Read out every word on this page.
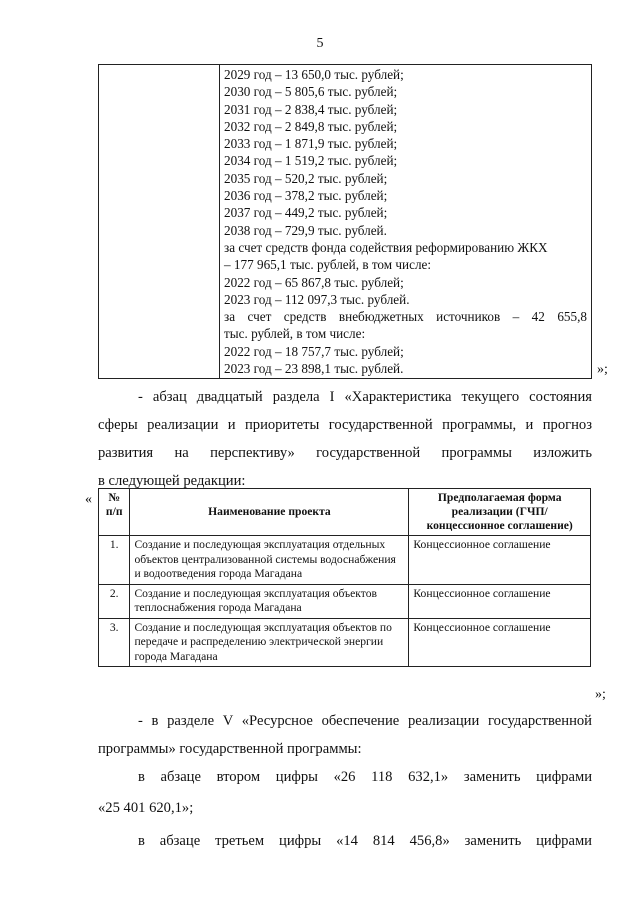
5

2029 год – 13 650,0 тыс. рублей;
2030 год – 5 805,6 тыс. рублей;
2031 год – 2 838,4 тыс. рублей;
2032 год – 2 849,8 тыс. рублей;
2033 год – 1 871,9 тыс. рублей;
2034 год – 1 519,2 тыс. рублей;
2035 год – 520,2 тыс. рублей;
2036 год – 378,2 тыс. рублей;
2037 год – 449,2 тыс. рублей;
2038 год – 729,9 тыс. рублей.
за счет средств фонда содействия реформированию ЖКХ
– 177 965,1 тыс. рублей, в том числе:
2022 год – 65 867,8 тыс. рублей;
2023 год – 112 097,3 тыс. рублей.
за счет средств внебюджетных источников – 42 655,8
тыс. рублей, в том числе:
2022 год – 18 757,7 тыс. рублей;
2023 год – 23 898,1 тыс. рублей.	»;
- абзац двадцатый раздела I «Характеристика текущего состояния
сферы реализации и приоритеты государственной программы, и прогноз
развития на перспективу» государственной программы изложить
в следующей редакции:
« № п/п	Наименование проекта	Предполагаемая форма реализации (ГЧП/концессионное соглашение)
1.	Создание и последующая эксплуатация отдельных объектов централизованной системы водоснабжения и водоотведения города Магадана	Концессионное соглашение
2.	Создание и последующая эксплуатация объектов теплоснабжения города Магадана	Концессионное соглашение
3.	Создание и последующая эксплуатация объектов по передаче и распределению электрической энергии города Магадана	Концессионное соглашение
»;
- в разделе V «Ресурсное обеспечение реализации государственной
программы» государственной программы:
в абзаце втором цифры «26 118 632,1» заменить цифрами
«25 401 620,1»;
в абзаце третьем цифры «14 814 456,8» заменить цифрами
